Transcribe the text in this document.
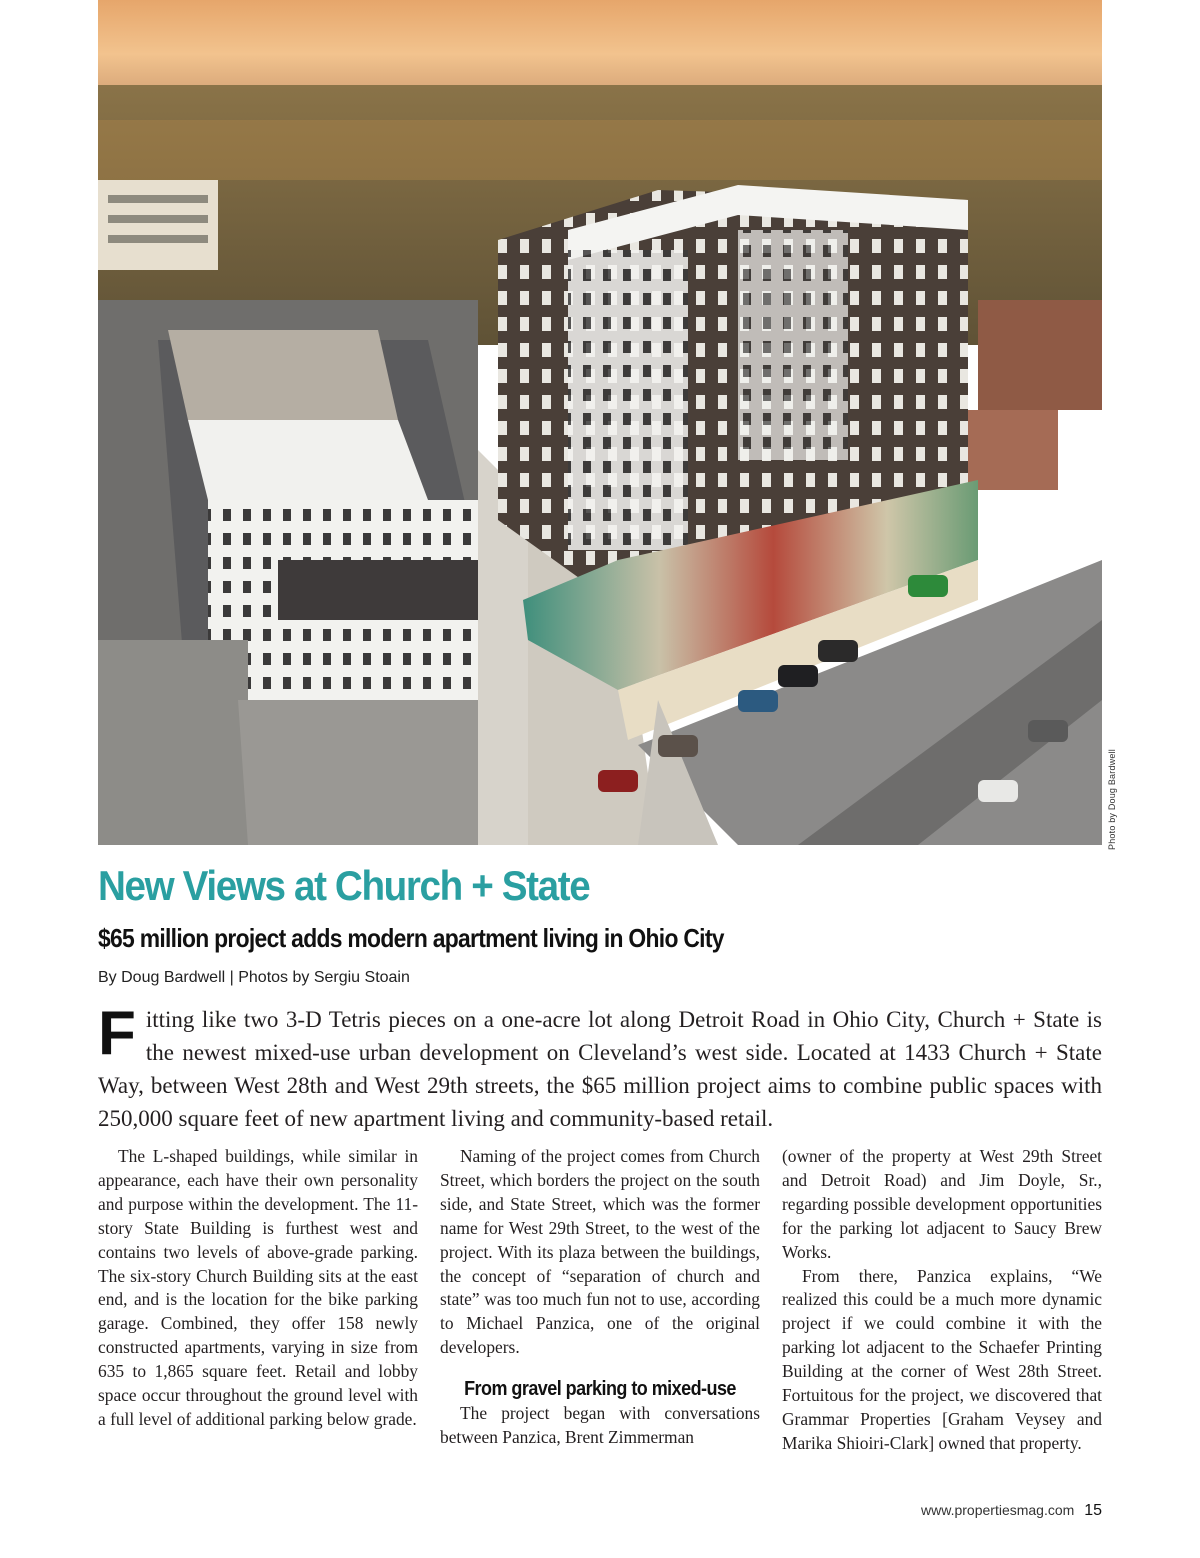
Photo by Doug Bardwell
New Views at Church + State
$65 million project adds modern apartment living in Ohio City
By Doug Bardwell | Photos by Sergiu Stoain
Fitting like two 3-D Tetris pieces on a one-acre lot along Detroit Road in Ohio City, Church + State is the newest mixed-use urban development on Cleveland’s west side. Located at 1433 Church + State Way, between West 28th and West 29th streets, the $65 million project aims to combine public spaces with 250,000 square feet of new apartment living and community-based retail.

The L-shaped buildings, while similar in appearance, each have their own personality and purpose within the development. The 11-story State Building is furthest west and contains two levels of above-grade parking. The six-story Church Building sits at the east end, and is the location for the bike parking garage. Combined, they offer 158 newly constructed apartments, varying in size from 635 to 1,865 square feet. Retail and lobby space occur throughout the ground level with a full level of additional parking below grade.

Naming of the project comes from Church Street, which borders the project on the south side, and State Street, which was the former name for West 29th Street, to the west of the project. With its plaza between the buildings, the concept of “separation of church and state” was too much fun not to use, according to Michael Panzica, one of the original developers.

From gravel parking to mixed-use

The project began with conversations between Panzica, Brent Zimmerman

(owner of the property at West 29th Street and Detroit Road) and Jim Doyle, Sr., regarding possible development opportunities for the parking lot adjacent to Saucy Brew Works.

From there, Panzica explains, “We realized this could be a much more dynamic project if we could combine it with the parking lot adjacent to the Schaefer Printing Building at the corner of West 28th Street. Fortuitous for the project, we discovered that Grammar Properties [Graham Veysey and Marika Shioiri-Clark] owned that property.

www.propertiesmag.com 15
